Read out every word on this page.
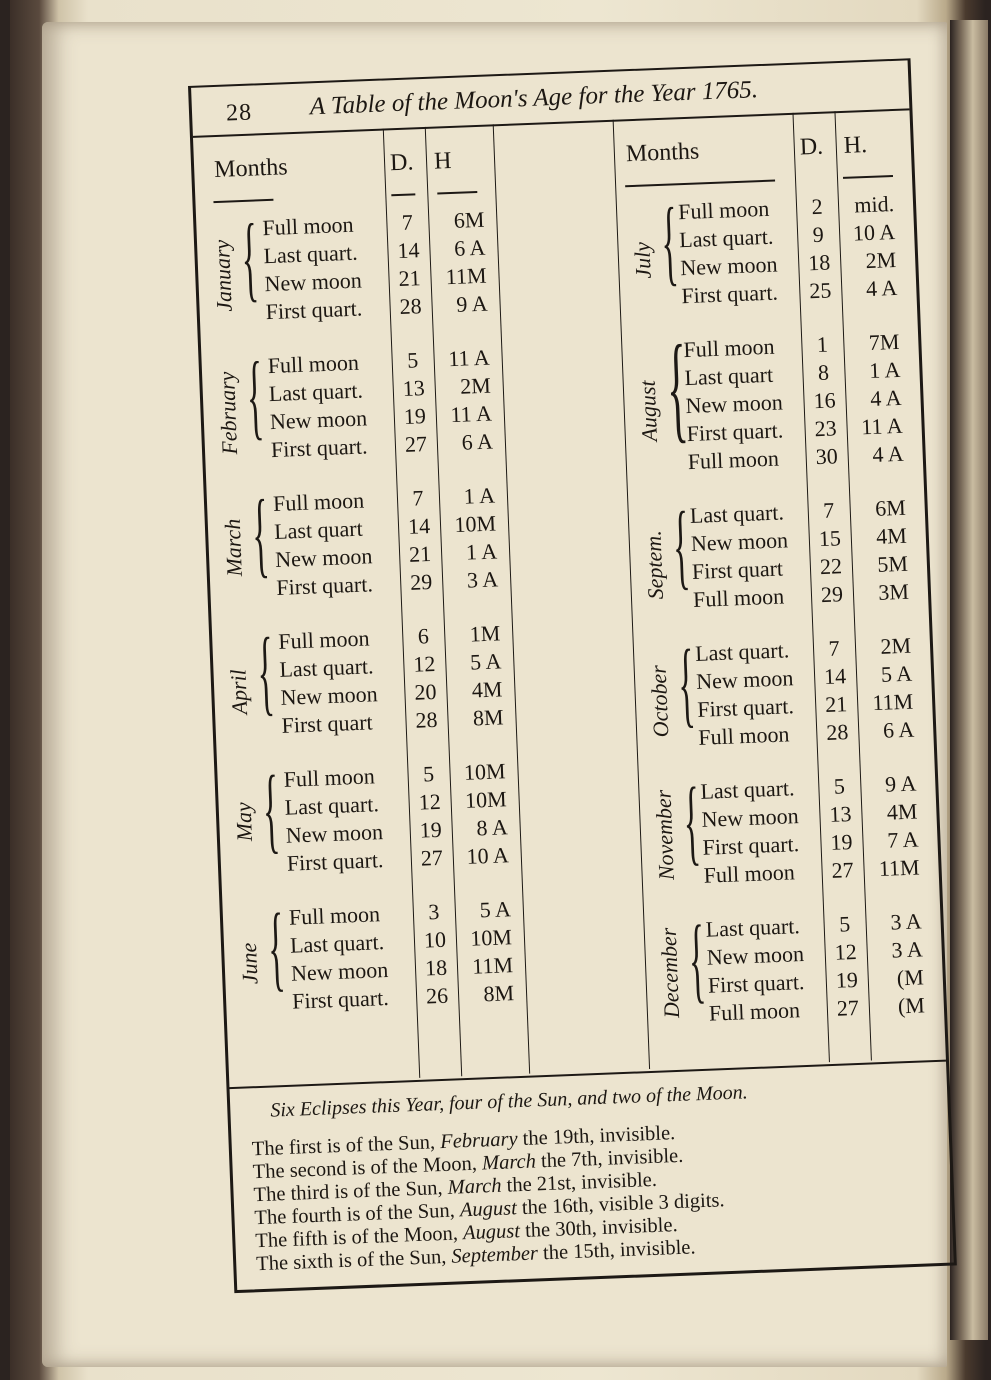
28 A Table of the Moon's Age for the Year 1765.
Months	D. H
January { Full moon	7	6M
Last quart. 14	6 A
New moon 21	11M
First quart. 28	9 A
February { Full moon	5	11 A
Last quart. 13	2M
New moon 19	11 A
First quart. 27	6 A
March { Full moon	7	1 A
Last quart 14	10M
New moon 21	1 A
First quart. 29	3 A
April { Full moon	6	1M
Last quart. 12	5 A
New moon 20	4M
First quart 28	8M
May { Full moon	5	10M
Last quart. 12	10M
New moon 19	8 A
First quart. 27	10 A
June { Full moon	3	5 A
Last quart. 10	10M
New moon 18	11M
First quart. 26	8M
Months	D. H.
July {
Full moon	2	mid.
Last quart.	9	10 A
New moon 18	2M
First quart. 25	4 A
August {
Full moon	1	7M
Last quart	8	1 A
New moon 16	4 A
First quart. 23	11 A
Full moon 30	4 A
Septem. {
Last quart.	7	6M
New moon 15	4M
First quart 22	5M
Full moon 29	3M
October {
Last quart.	7	2M
New moon 14	5 A
First quart. 21	11M
Full moon 28	6 A
November {
Last quart.	5	9 A
New moon 13	4M
First quart. 19	7 A
Full moon 27	11M
December {
Last quart.	5	3 A
New moon 12	3 A
First quart. 19	(M
Full moon 27	(M
Six Eclipses this Year, four of the Sun, and two of the Moon.
The first is of the Sun, February the 19th, invisible.
The second is of the Moon, March the 7th, invisible.
The third is of the Sun, March the 21st, invisible.
The fourth is of the Sun, August the 16th, visible 3 digits.
The fifth is of the Moon, August the 30th, invisible.
The sixth is of the Sun, September the 15th, invisible.
